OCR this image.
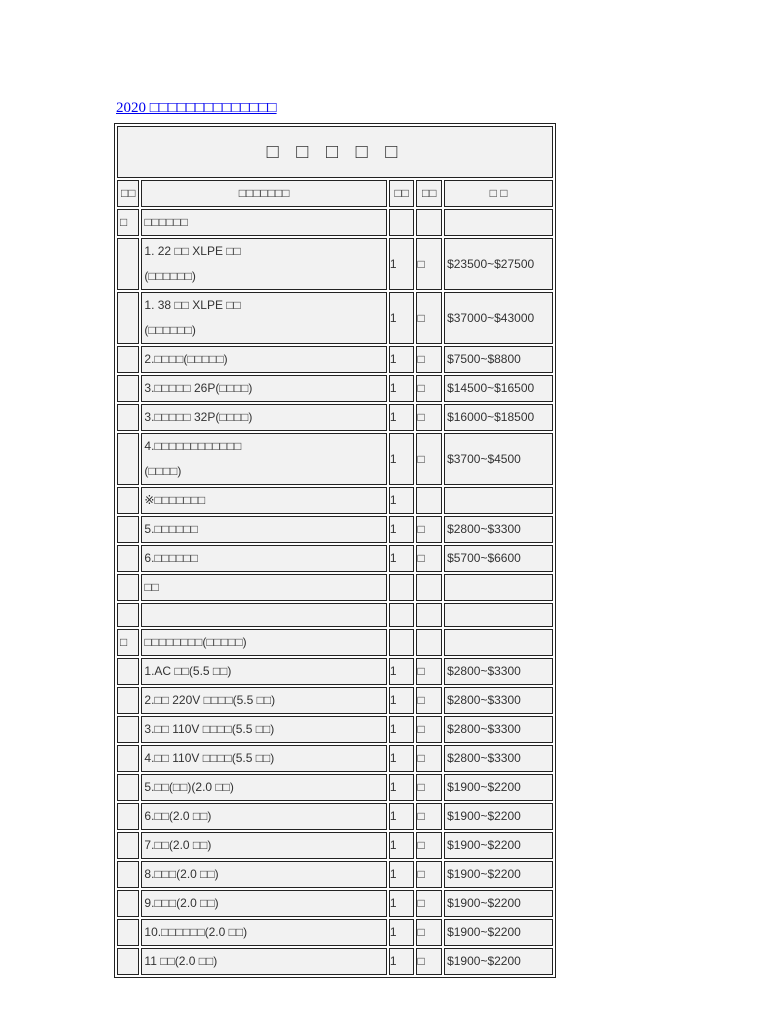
2020 □□□□□□□□□□□□□□
□ □ □ □ □				
□□	□□□□□□□	□□	□□	□ □
□	□□□□□□			

	1. 22 □□ XLPE □□
(□□□□□□)	1	□	$23500~$27500

	1. 38 □□ XLPE □□
(□□□□□□)	1	□	$37000~$43000
	2.□□□□(□□□□□)	1	□	$7500~$8800
	3.□□□□□ 26P(□□□□)	1	□	$14500~$16500
	3.□□□□□ 32P(□□□□)	1	□	$16000~$18500

	4.□□□□□□□□□□□□
(□□□□)	1	□	$3700~$4500
	※□□□□□□□	1		
	5.□□□□□□	1	□	$2800~$3300
	6.□□□□□□	1	□	$5700~$6600
	□□			

□	□□□□□□□□(□□□□□)			
	1.AC □□(5.5 □□)	1	□	$2800~$3300
	2.□□ 220V □□□□(5.5 □□)	1	□	$2800~$3300
	3.□□ 110V □□□□(5.5 □□)	1	□	$2800~$3300
	4.□□ 110V □□□□(5.5 □□)	1	□	$2800~$3300
	5.□□(□□)(2.0 □□)	1	□	$1900~$2200
	6.□□(2.0 □□)	1	□	$1900~$2200
	7.□□(2.0 □□)	1	□	$1900~$2200
	8.□□□(2.0 □□)	1	□	$1900~$2200
	9.□□□(2.0 □□)	1	□	$1900~$2200
	10.□□□□□□(2.0 □□)	1	□	$1900~$2200
	11 □□(2.0 □□)	1	□	$1900~$2200
